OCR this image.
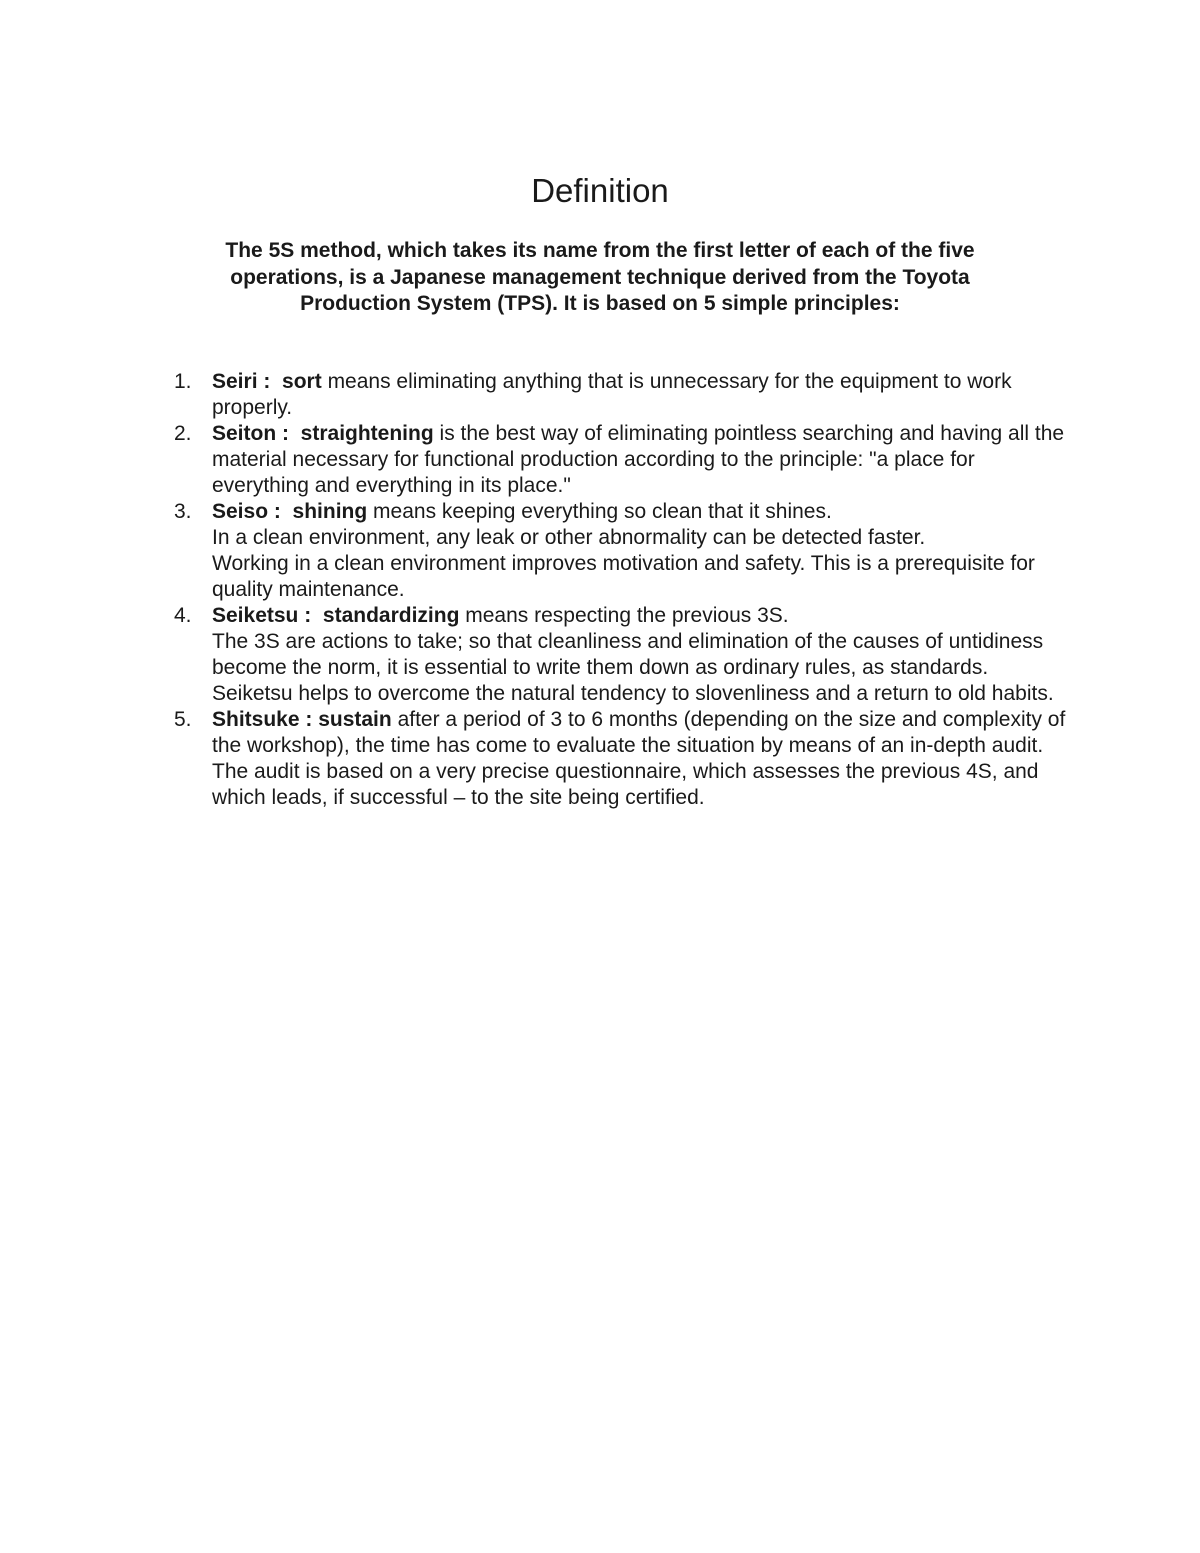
Definition

The 5S method, which takes its name from the first letter of each of the five operations, is a Japanese management technique derived from the Toyota Production System (TPS). It is based on 5 simple principles:

1. Seiri : sort means eliminating anything that is unnecessary for the equipment to work properly.
2. Seiton : straightening is the best way of eliminating pointless searching and having all the material necessary for functional production according to the principle: "a place for everything and everything in its place."
3. Seiso : shining means keeping everything so clean that it shines.
In a clean environment, any leak or other abnormality can be detected faster.
Working in a clean environment improves motivation and safety. This is a prerequisite for quality maintenance.
4. Seiketsu : standardizing means respecting the previous 3S.
The 3S are actions to take; so that cleanliness and elimination of the causes of untidiness become the norm, it is essential to write them down as ordinary rules, as standards.
Seiketsu helps to overcome the natural tendency to slovenliness and a return to old habits.
5. Shitsuke : sustain after a period of 3 to 6 months (depending on the size and complexity of the workshop), the time has come to evaluate the situation by means of an in-depth audit. The audit is based on a very precise questionnaire, which assesses the previous 4S, and which leads, if successful – to the site being certified.
